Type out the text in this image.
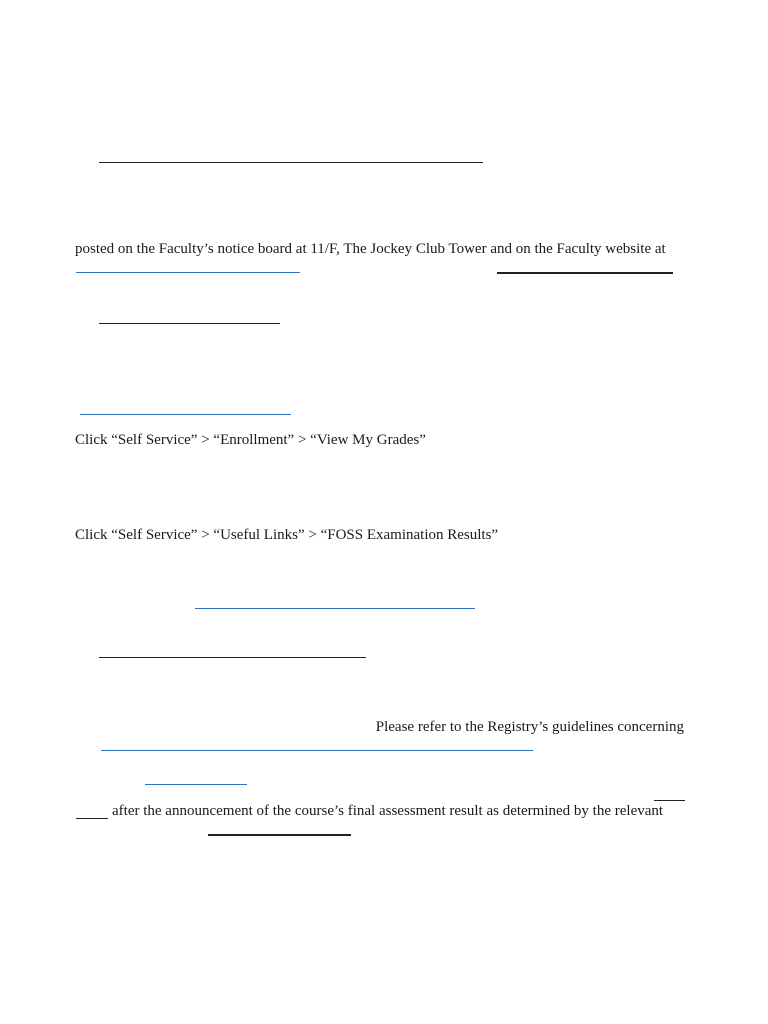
posted on the Faculty’s notice board at 11/F, The Jockey Club Tower and on the Faculty website at
Click “Self Service” > “Enrollment” > “View My Grades”
Click “Self Service” > “Useful Links” > “FOSS Examination Results”
Please refer to the Registry’s guidelines concerning
after the announcement of the course’s final assessment result as determined by the relevant
